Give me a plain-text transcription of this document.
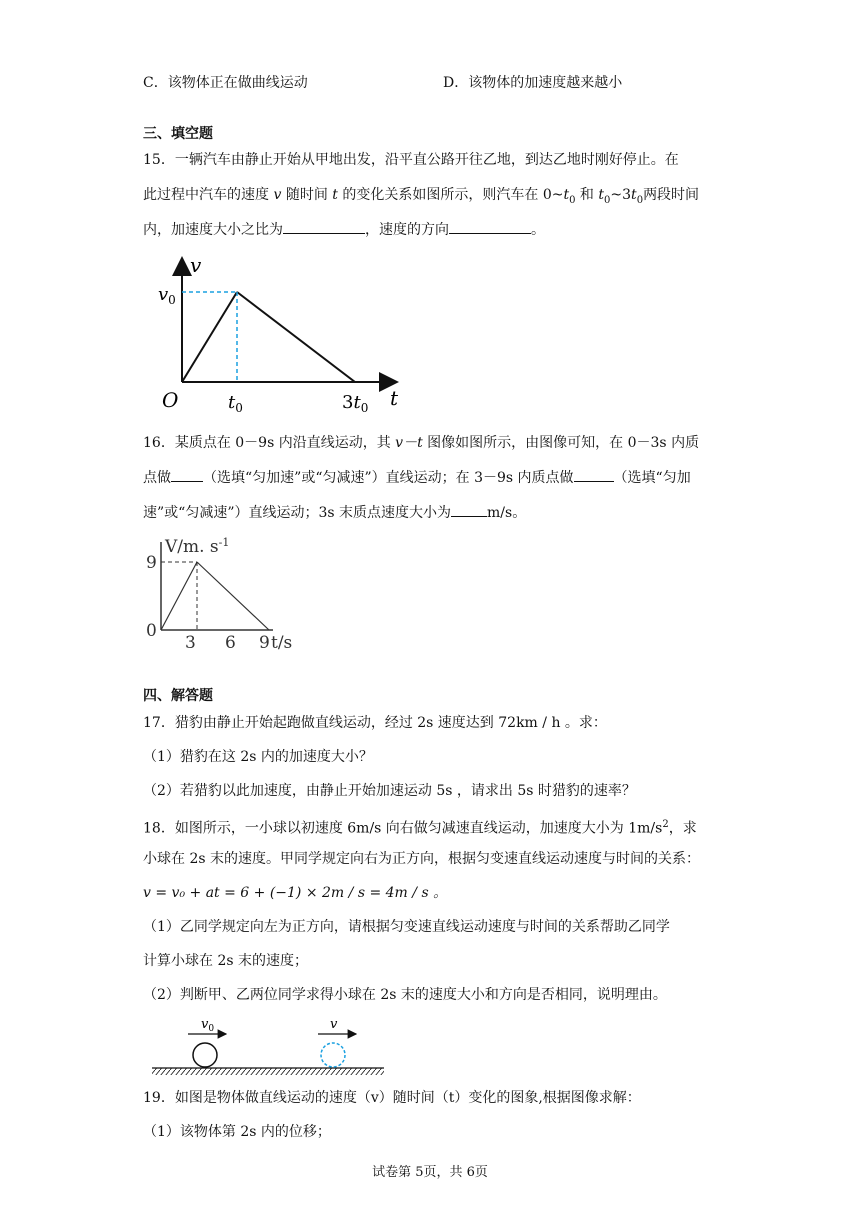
C．该物体正在做曲线运动	D．该物体的加速度越来越小
三、填空题
15．一辆汽车由静止开始从甲地出发，沿平直公路开往乙地，到达乙地时刚好停止。在
此过程中汽车的速度 v 随时间 t 的变化关系如图所示，则汽车在 $0\sim t_0$ 和 $t_0\sim 3t_0$两段时间
内，加速度大小之比为	，速度的方向	。
v
$v_0$
O	$t_0$	$3t_0$ t
16．某质点在 0－9s 内沿直线运动，其 v－t 图像如图所示，由图像可知，在 0－3s 内质
点做 （选填“匀加速”或“匀减速”）直线运动；在 3－9s 内质点做	（选填“匀加
速”或“匀减速”）直线运动；3s 末质点速度大小为	m/s。
V/m. $s^{-1}$
9
0
3 6 9 t/s
四、解答题
17．猎豹由静止开始起跑做直线运动，经过 2s 速度达到 72km / h 。求：
（1）猎豹在这 2s 内的加速度大小？
（2）若猎豹以此加速度，由静止开始加速运动 5s ，请求出 5s 时猎豹的速率？
18．如图所示，一小球以初速度 6m/s 向右做匀减速直线运动，加速度大小为 $1m/s^2$，求
小球在 2s 末的速度。甲同学规定向右为正方向，根据匀变速直线运动速度与时间的关系：
v = v₀ + at = 6 + (−1) × 2m / s = 4m / s 。
（1）乙同学规定向左为正方向，请根据匀变速直线运动速度与时间的关系帮助乙同学
计算小球在 2s 末的速度；
（2）判断甲、乙两位同学求得小球在 2s 末的速度大小和方向是否相同，说明理由。
$v_0$	v
19．如图是物体做直线运动的速度（v）随时间（t）变化的图象,根据图像求解：
（1）该物体第 2s 内的位移；
试卷第 5页，共 6页
